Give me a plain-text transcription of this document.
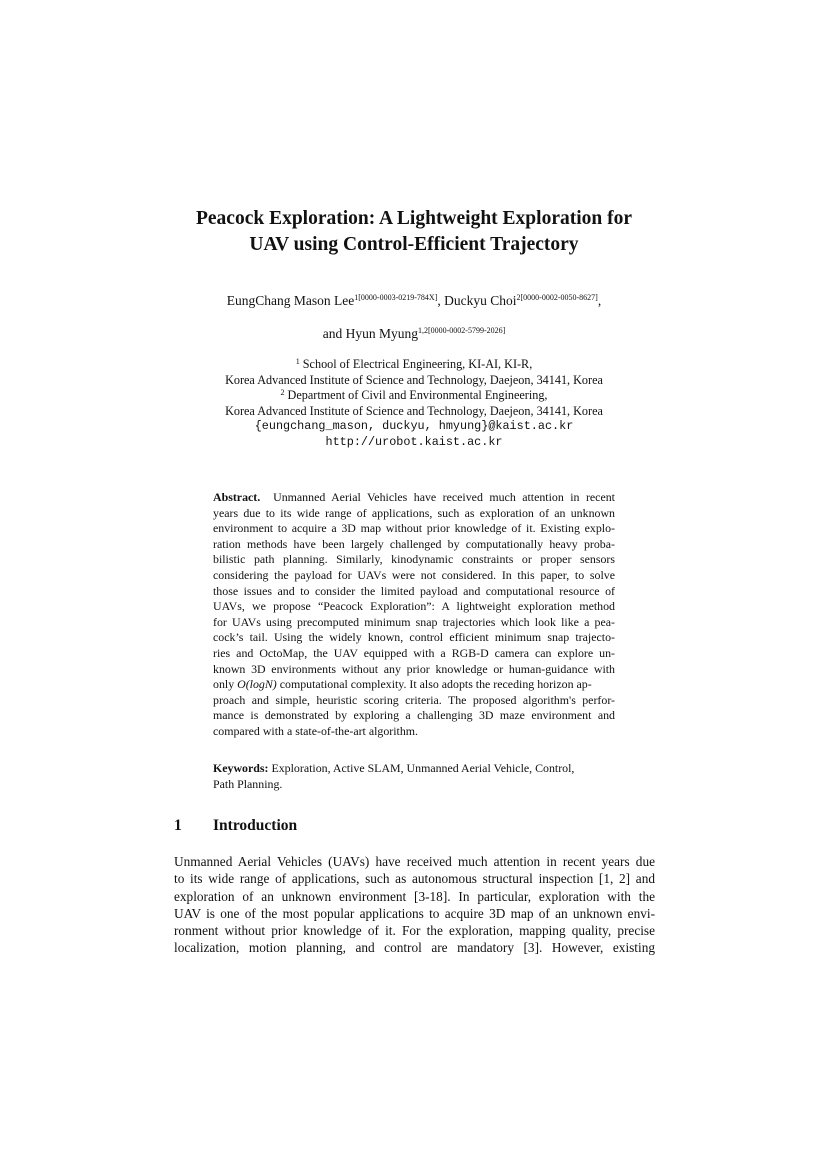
Peacock Exploration: A Lightweight Exploration for
UAV using Control-Efficient Trajectory
EungChang Mason Lee$^{1[0000-0003-0219-784X]}$, Duckyu Choi$^{2[0000-0002-0050-8627]}$,
and Hyun Myung$^{1,2[0000-0002-5799-2026]}$
$^1$ School of Electrical Engineering, KI-AI, KI-R,
Korea Advanced Institute of Science and Technology, Daejeon, 34141, Korea
$^2$ Department of Civil and Environmental Engineering,
Korea Advanced Institute of Science and Technology, Daejeon, 34141, Korea
{eungchang_mason, duckyu, hmyung}@kaist.ac.kr
http://urobot.kaist.ac.kr
Abstract. Unmanned Aerial Vehicles have received much attention in recent
years due to its wide range of applications, such as exploration of an unknown
environment to acquire a 3D map without prior knowledge of it. Existing explo-
ration methods have been largely challenged by computationally heavy proba-
bilistic path planning. Similarly, kinodynamic constraints or proper sensors
considering the payload for UAVs were not considered. In this paper, to solve
those issues and to consider the limited payload and computational resource of
UAVs, we propose “Peacock Exploration”: A lightweight exploration method
for UAVs using precomputed minimum snap trajectories which look like a pea-
cock’s tail. Using the widely known, control efficient minimum snap trajecto-
ries and OctoMap, the UAV equipped with a RGB-D camera can explore un-
known 3D environments without any prior knowledge or human-guidance with
only O(logN) computational complexity. It also adopts the receding horizon ap-
proach and simple, heuristic scoring criteria. The proposed algorithm's perfor-
mance is demonstrated by exploring a challenging 3D maze environment and
compared with a state-of-the-art algorithm.
Keywords: Exploration, Active SLAM, Unmanned Aerial Vehicle, Control,
Path Planning.
1 Introduction
Unmanned Aerial Vehicles (UAVs) have received much attention in recent years due
to its wide range of applications, such as autonomous structural inspection [1, 2] and
exploration of an unknown environment [3-18]. In particular, exploration with the
UAV is one of the most popular applications to acquire 3D map of an unknown envi-
ronment without prior knowledge of it. For the exploration, mapping quality, precise
localization, motion planning, and control are mandatory [3]. However, existing
